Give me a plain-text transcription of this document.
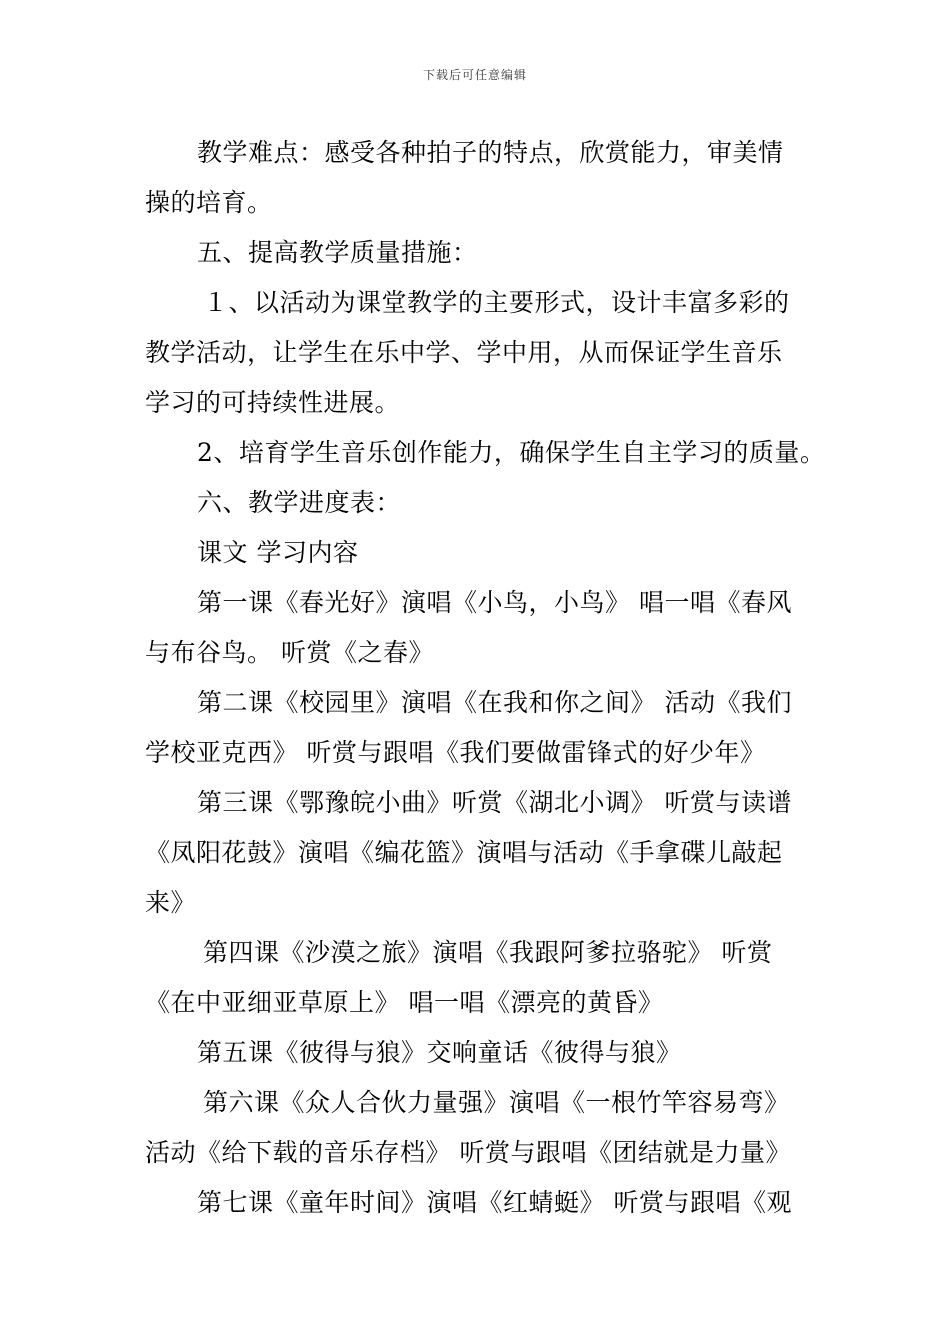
下载后可任意编辑
教学难点：感受各种拍子的特点，欣赏能力，审美情
操的培育。
五、提高教学质量措施：
１、以活动为课堂教学的主要形式，设计丰富多彩的
教学活动，让学生在乐中学、学中用，从而保证学生音乐
学习的可持续性进展。
2、培育学生音乐创作能力，确保学生自主学习的质量。
六、教学进度表：
课文 学习内容
第一课《春光好》演唱《小鸟，小鸟》 唱一唱《春风
与布谷鸟。 听赏《之春》
第二课《校园里》演唱《在我和你之间》 活动《我们
学校亚克西》 听赏与跟唱《我们要做雷锋式的好少年》
第三课《鄂豫皖小曲》听赏《湖北小调》 听赏与读谱
《凤阳花鼓》演唱《编花篮》演唱与活动《手拿碟儿敲起
来》
第四课《沙漠之旅》演唱《我跟阿爹拉骆驼》 听赏
《在中亚细亚草原上》 唱一唱《漂亮的黄昏》
第五课《彼得与狼》交响童话《彼得与狼》
第六课《众人合伙力量强》演唱《一根竹竿容易弯》
活动《给下载的音乐存档》 听赏与跟唱《团结就是力量》
第七课《童年时间》演唱《红蜻蜓》 听赏与跟唱《观
